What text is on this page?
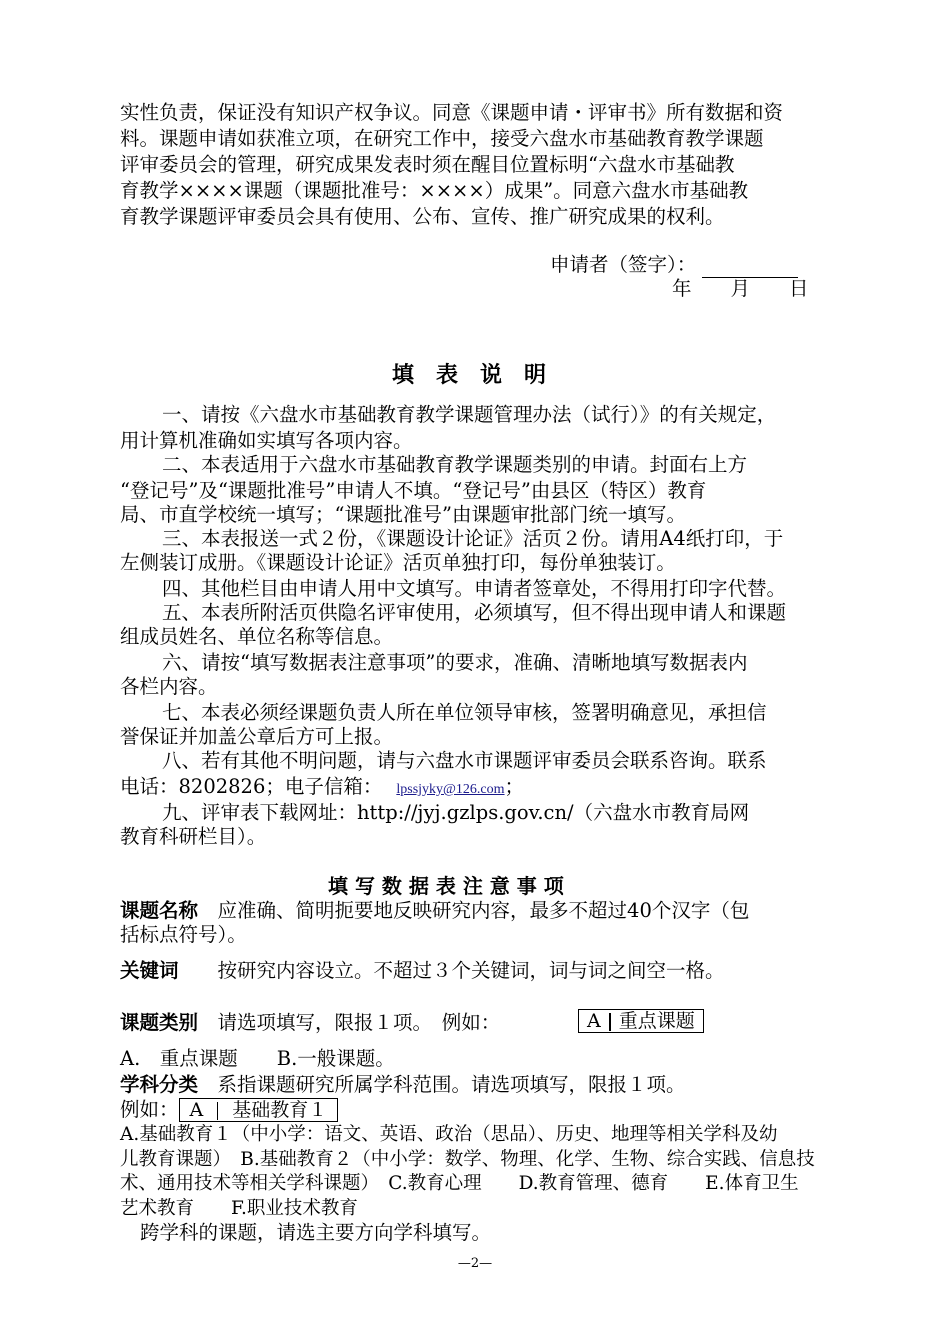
实性负责，保证没有知识产权争议。同意《课题申请・评审书》所有数据和资
料。课题申请如获准立项，在研究工作中，接受六盘水市基础教育教学课题
评审委员会的管理，研究成果发表时须在醒目位置标明“六盘水市基础教
育教学××××课题（课题批准号：××××）成果”。同意六盘水市基础教
育教学课题评审委员会具有使用、公布、宣传、推广研究成果的权利。
申请者（签字）：
年　　月　　日
填　表　说　明
一、请按《六盘水市基础教育教学课题管理办法（试行）》的有关规定，
用计算机准确如实填写各项内容。
二、本表适用于六盘水市基础教育教学课题类别的申请。封面右上方
“登记号”及“课题批准号”申请人不填。“登记号”由县区（特区）教育
局、市直学校统一填写；“课题批准号”由课题审批部门统一填写。
三、本表报送一式２份，《课题设计论证》活页２份。请用A4纸打印，于
左侧装订成册。《课题设计论证》活页单独打印，每份单独装订。
四、其他栏目由申请人用中文填写。申请者签章处，不得用打印字代替。
五、本表所附活页供隐名评审使用，必须填写，但不得出现申请人和课题
组成员姓名、单位名称等信息。
六、请按“填写数据表注意事项”的要求，准确、清晰地填写数据表内
各栏内容。
七、本表必须经课题负责人所在单位领导审核，签署明确意见，承担信
誉保证并加盖公章后方可上报。
八、若有其他不明问题，请与六盘水市课题评审委员会联系咨询。联系
电话：8202826；电子信箱： lpssjyky@126.com；
九、评审表下载网址：http://jyj.gzlps.gov.cn/（六盘水市教育局网
教育科研栏目）。
填 写 数 据 表 注 意 事 项
课题名称　 应准确、简明扼要地反映研究内容，最多不超过40个汉字（包
括标点符号）。
关键词　　 按研究内容设立。不超过３个关键词，词与词之间空一格。
课题类别　 请选项填写，限报１项。　例如：	A 重点课题
A.　重点课题　　B.一般课题。
学科分类　 系指课题研究所属学科范围。请选项填写，限报１项。
例如： A 基础教育１
A.基础教育１（中小学：语文、英语、政治（思品）、历史、地理等相关学科及幼
儿教育课题）　B.基础教育２（中小学：数学、物理、化学、生物、综合实践、信息技
术、通用技术等相关学科课题）　C.教育心理　　D.教育管理、德育　　E.体育卫生
艺术教育　　F.职业技术教育
跨学科的课题，请选主要方向学科填写。
—2—
